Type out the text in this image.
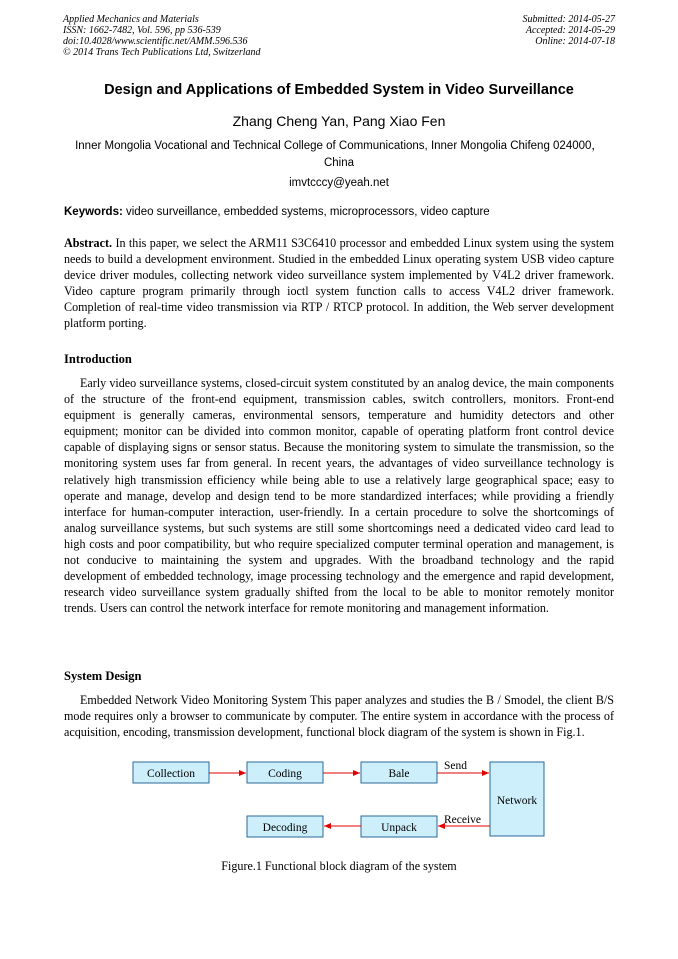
Applied Mechanics and Materials
ISSN: 1662-7482, Vol. 596, pp 536-539
doi:10.4028/www.scientific.net/AMM.596.536
© 2014 Trans Tech Publications Ltd, Switzerland
Submitted: 2014-05-27
Accepted: 2014-05-29
Online: 2014-07-18
Design and Applications of Embedded System in Video Surveillance
Zhang Cheng Yan, Pang Xiao Fen
Inner Mongolia Vocational and Technical College of Communications, Inner Mongolia Chifeng 024000，China
imvtcccy@yeah.net
Keywords: video surveillance, embedded systems, microprocessors, video capture

Abstract. In this paper, we select the ARM11 S3C6410 processor and embedded Linux system using the system needs to build a development environment. Studied in the embedded Linux operating system USB video capture device driver modules, collecting network video surveillance system implemented by V4L2 driver framework. Video capture program primarily through ioctl system function calls to access V4L2 driver framework. Completion of real-time video transmission via RTP / RTCP protocol. In addition, the Web server development platform porting.

Introduction

Early video surveillance systems, closed-circuit system constituted by an analog device, the main components of the structure of the front-end equipment, transmission cables, switch controllers, monitors. Front-end equipment is generally cameras, environmental sensors, temperature and humidity detectors and other equipment; monitor can be divided into common monitor, capable of operating platform front control device capable of displaying signs or sensor status. Because the monitoring system to simulate the transmission, so the monitoring system uses far from general. In recent years, the advantages of video surveillance technology is relatively high transmission efficiency while being able to use a relatively large geographical space; easy to operate and manage, develop and design tend to be more standardized interfaces; while providing a friendly interface for human-computer interaction, user-friendly. In a certain procedure to solve the shortcomings of analog surveillance systems, but such systems are still some shortcomings need a dedicated video card lead to high costs and poor compatibility, but who require specialized computer terminal operation and management, is not conducive to maintaining the system and upgrades. With the broadband technology and the rapid development of embedded technology, image processing technology and the emergence and rapid development, research video surveillance system gradually shifted from the local to be able to monitor remotely monitor trends. Users can control the network interface for remote monitoring and management information.

System Design

Embedded Network Video Monitoring System This paper analyzes and studies the B / Smodel, the client B/S mode requires only a browser to communicate by computer. The entire system in accordance with the process of acquisition, encoding, transmission development, functional block diagram of the system is shown in Fig.1.

Collection	Coding	Bale
Network
Decoding	Unpack
Send
Receive
Figure.1 Functional block diagram of the system
